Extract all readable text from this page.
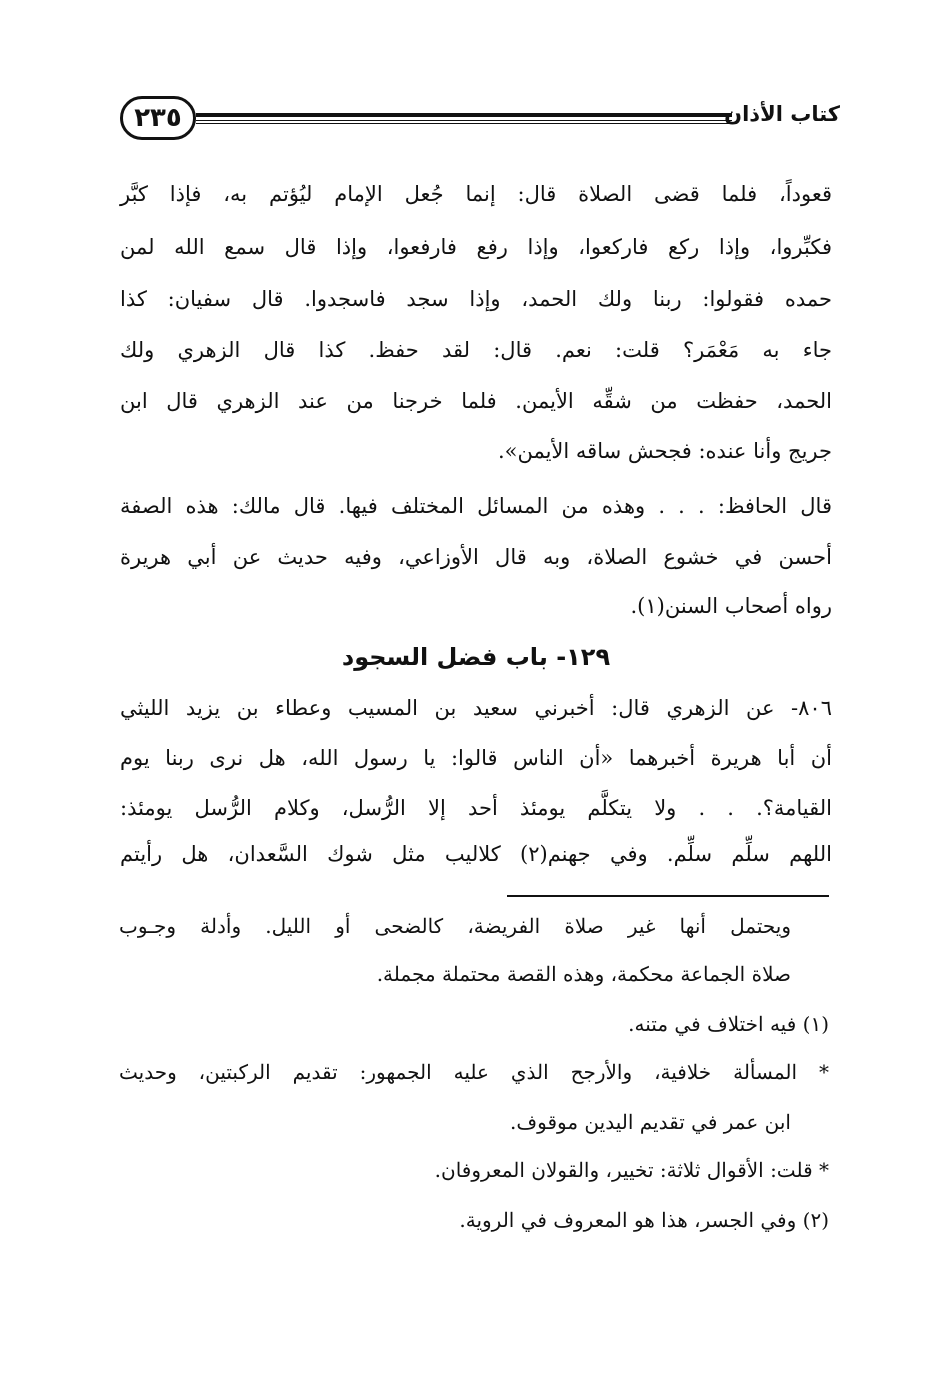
٢٣٥	كتاب الأذان
قعوداً، فلما قضى الصلاة قال: إنما جُعل الإمام ليُؤتم به، فإذا كبَّر
فكبِّروا، وإذا ركع فاركعوا، وإذا رفع فارفعوا، وإذا قال سمع الله لمن
حمده فقولوا: ربنا ولك الحمد، وإذا سجد فاسجدوا. قال سفيان: كذا
جاء به مَعْمَر؟ قلت: نعم. قال: لقد حفظ. كذا قال الزهري ولك
الحمد، حفظت من شقِّه الأيمن. فلما خرجنا من عند الزهري قال ابن
جريج وأنا عنده: فجحش ساقه الأيمن».
قال الحافظ: . . . وهذه من المسائل المختلف فيها. قال مالك: هذه الصفة
أحسن في خشوع الصلاة، وبه قال الأوزاعي، وفيه حديث عن أبي هريرة
رواه أصحاب السنن(١).
١٢٩- باب فضل السجود
٨٠٦- عن الزهري قال: أخبرني سعيد بن المسيب وعطاء بن يزيد الليثي
أن أبا هريرة أخبرهما «أن الناس قالوا: يا رسول الله، هل نرى ربنا يوم
القيامة؟. . . ولا يتكلَّم يومئذ أحد إلا الرُّسل، وكلام الرُّسل يومئذ:
اللهم سلِّم سلِّم. وفي جهنم(٢) كلاليب مثل شوك السَّعدان، هل رأيتم
ويحتمل أنها غير صلاة الفريضة، كالضحى أو الليل. وأدلة وجـوب
صلاة الجماعة محكمة، وهذه القصة محتملة مجملة.
(١) فيه اختلاف في متنه.
* المسألة خلافية، والأرجح الذي عليه الجمهور: تقديم الركبتين، وحديث
ابن عمر في تقديم اليدين موقوف.
* قلت: الأقوال ثلاثة: تخيير، والقولان المعروفان.
(٢) وفي الجسر، هذا هو المعروف في الروية.
